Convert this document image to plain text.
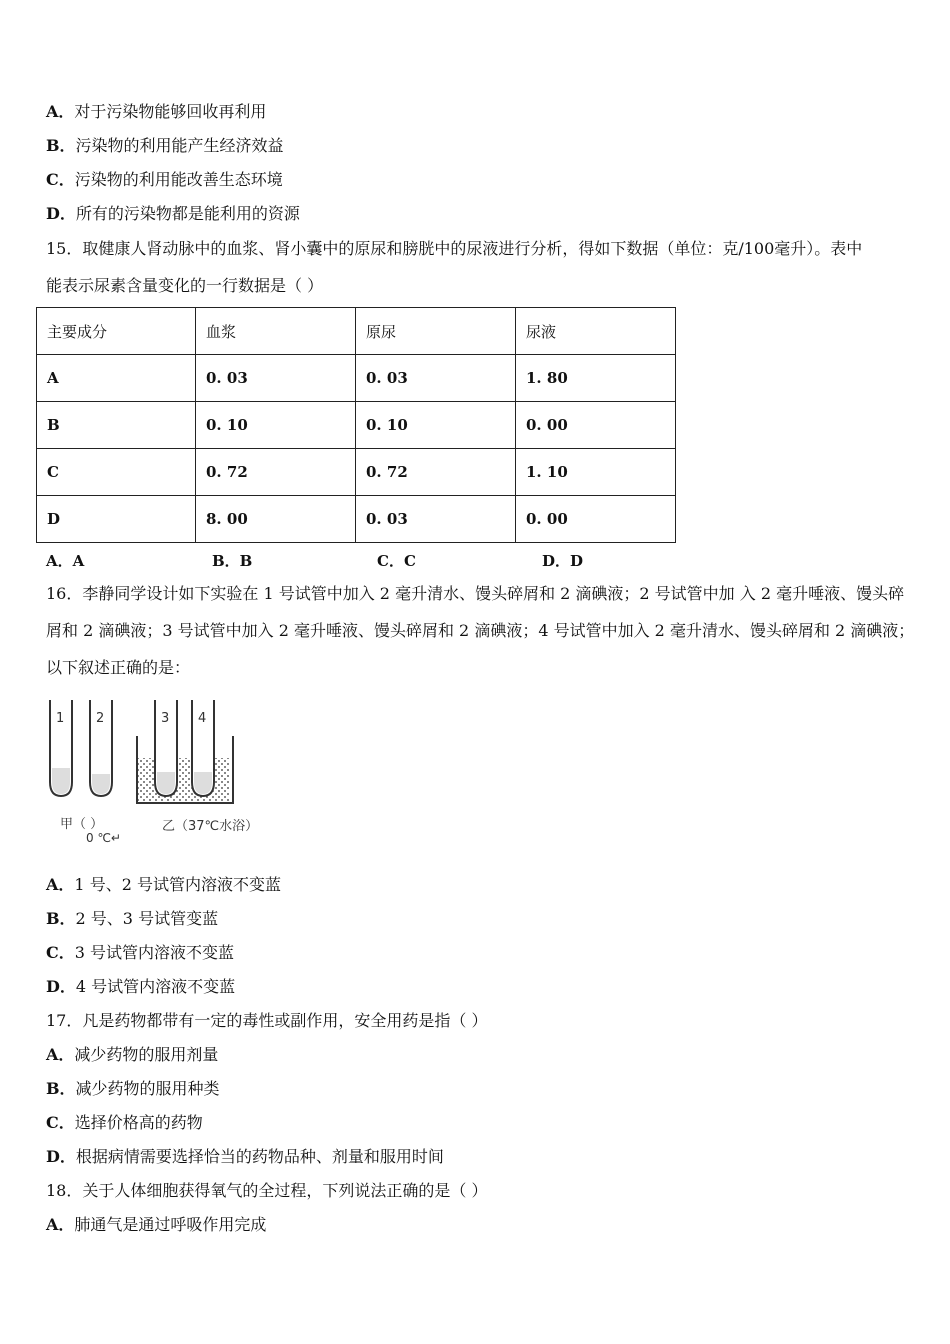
A．对于污染物能够回收再利用
B．污染物的利用能产生经济效益
C．污染物的利用能改善生态环境
D．所有的污染物都是能利用的资源
15．取健康人肾动脉中的血浆、肾小囊中的原尿和膀胱中的尿液进行分析，得如下数据（单位：克/100毫升）。表中
能表示尿素含量变化的一行数据是（ ）
主要成分	血浆	原尿	尿液
A	0. 03	0. 03	1. 80
B	0. 10	0. 10	0. 00
C	0. 72	0. 72	1. 10
D	8. 00	0. 03	0. 00
A．A	B．B	C．C	D．D
16．李静同学设计如下实验在 1 号试管中加入 2 毫升清水、馒头碎屑和 2 滴碘液；2 号试管中加 入 2 毫升唾液、馒头碎
屑和 2 滴碘液；3 号试管中加入 2 毫升唾液、馒头碎屑和 2 滴碘液；4 号试管中加入 2 毫升清水、馒头碎屑和 2 滴碘液；
以下叙述正确的是：
1 2	3 4
甲（ ）
0 ℃↵
乙（37℃水浴）
A．1 号、2 号试管内溶液不变蓝
B．2 号、3 号试管变蓝
C．3 号试管内溶液不变蓝
D．4 号试管内溶液不变蓝
17．凡是药物都带有一定的毒性或副作用，安全用药是指（ ）
A．减少药物的服用剂量
B．减少药物的服用种类
C．选择价格高的药物
D．根据病情需要选择恰当的药物品种、剂量和服用时间
18．关于人体细胞获得氧气的全过程，下列说法正确的是（ ）
A．肺通气是通过呼吸作用完成
